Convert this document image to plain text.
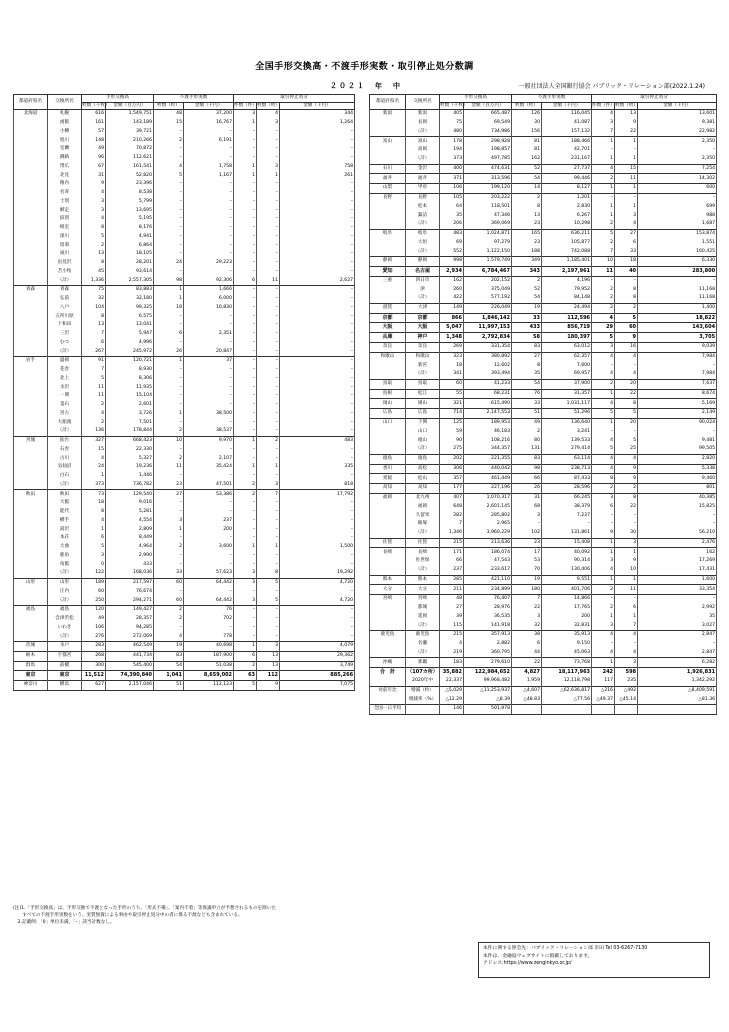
全国手形交換高・不渡手形実数・取引停止処分数調
２０２１　年　中	一般社団法人全国銀行協会 パブリック・リレーション部(2022.1.24)
都道府県名	交換所名	手形交換高		不渡手形実数		取引停止処分		
		枚数（千枚）	金額（百万円）	枚数（枚）	金額（千円）	件数（件）	枚数（枚）	金額（千円）
北海道	札幌	616	1,549,751	48	37,200	3	4	344
	函館	161	143,189	15	16,767	1	3	1,264
	小樽	57	39,721	–	–	–	–	–
	旭川	148	210,266	2	6,191	–	–	–
	室蘭	49	70,872	–	–	–	–	–
	釧路	96	112,621	–	–	–	–	–
	帯広	67	161,541	4	1,758	1	3	758
	北見	31	52,820	5	1,167	1	1	261
	稚内	9	23,396	–	–	–	–	–
	名寄	4	8,538	–	–	–	–	–
	士別	3	5,799	–	–	–	–	–
	網走	3	13,695	–	–	–	–	–
	紋別	4	5,195	–	–	–	–	–
	根室	8	8,176	–	–	–	–	–
	深川	5	4,941	–	–	–	–	–
	留萌	2	6,864	–	–	–	–	–
	滝川	13	18,105	–	–	–	–	–
	岩見沢	8	28,201	24	29,223	–	–	–
	苫小牧	45	93,614	–	–	–	–	–
	（計）	1,336	2,557,305	98	92,306	6	11	2,627
青森	青森	75	83,883	1	1,666	–	–	–
	弘前	32	32,180	1	6,000	–	–	–
	八戸	104	99,325	18	10,830	–	–	–
	五所川原	8	6,575	–	–	–	–	–
	十和田	13	13,041	–	–	–	–	–
	三沢	7	5,947	6	2,351	–	–	–
	むつ	6	4,996	–	–	–	–	–
	（計）	267	245,972	26	20,847	–	–	–
岩手	盛岡	91	120,721	1	37	–	–	–
	花巻	7	8,930	–	–	–	–	–
	北上	5	8,306	–	–	–	–	–
	水沢	11	11,935	–	–	–	–	–
	一関	11	15,104	–	–	–	–	–
	釜石	2	2,601	–	–	–	–	–
	宮古	4	3,726	1	38,500	–	–	–
	大船渡	2	7,501	–	–	–	–	–
	（計）	136	178,844	2	38,537	–	–	–
宮城	仙台	327	668,423	10	9,970	1	2	483
	石巻	15	22,330	–	–	–	–	–
	古川	4	5,327	2	2,107	–	–	–
	気仙沼	24	19,236	11	35,424	1	1	335
	白石	1	1,446	–	–	–	–	–
	（計）	373	736,782	23	47,501	2	3	818
秋田	秋田	73	129,540	27	53,386	2	7	17,792
	大館	18	9,016	–	–	–	–	–
	能代	8	5,281	–	–	–	–	–
	横手	4	4,554	3	237	–	–	–
	湯沢	1	2,809	1	200	–	–	–
	本荘	6	8,449	–	–	–	–	–
	大曲	5	4,964	2	3,600	1	1	1,500
	鹿角	3	2,990	–	–	–	–	–
	角館	0	433	–	–	–	–	–
	（計）	122	168,036	33	57,623	3	8	19,292
山形	山形	189	217,597	60	64,442	3	5	4,720
	庄内	60	76,674	–	–	–	–	–
	（計）	250	294,271	60	64,442	3	5	4,720
福島	福島	120	149,427	2	76	–	–	–
	会津若松	49	28,357	2	702	–	–	–
	いわき	106	94,285	–	–	–	–	–
	（計）	276	272,069	4	778	–	–	–
茨城	水戸	283	462,549	19	40,698	1	3	4,079
栃木	宇都宮	268	441,734	83	187,900	6	13	29,362
群馬	前橋	300	545,400	54	51,038	2	13	3,749
東京	東京	11,512	74,390,840	1,041	8,659,002	63	112	885,266
神奈川	横浜	627	2,157,046	51	112,123	5	9	7,075
都道府県名	交換所名	手形交換高		不渡手形実数		取引停止処分		
		枚数（千枚）	金額（百万円）	枚数（枚）	金額（千円）	件数（件）	枚数（枚）	金額（千円）
新潟	新潟	405	665,487	126	116,045	4	13	13,601
	長岡	75	69,549	30	41,087	3	9	9,381
	（計）	480	734,986	156	157,132	7	22	22,982
富山	富山	178	298,928	81	188,466	1	1	2,350
	高岡	194	198,857	81	42,701	–	–	–
	（計）	373	497,785	162	231,167	1	1	2,350
石川	金沢	400	474,631	52	27,737	4	15	7,254
福井	福井	371	313,596	54	99,446	2	11	14,302
山梨	甲府	106	199,120	14	8,127	1	1	600
長野	長野	105	203,222	2	1,201	–	–	–
	松本	64	118,501	8	2,830	1	1	699
	諏訪	35	47,346	13	6,267	1	3	988
	（計）	206	369,069	23	10,298	2	4	1,687
岐阜	岐阜	483	1,024,871	165	636,211	5	27	153,874
	大垣	69	97,279	23	105,877	2	6	1,551
	（計）	552	1,122,150	188	742,088	7	33	160,425
静岡	静岡	998	1,579,749	349	1,185,401	10	18	6,330
愛知	名古屋	2,934	6,784,467	343	2,197,961	11	40	283,800
三重	四日市	162	202,152	2	4,196	–	–	–
	津	260	375,049	52	79,952	2	8	11,168
	（計）	422	577,192	54	84,148	2	8	11,168
滋賀	大津	149	226,049	19	24,494	2	2	1,400
京都	京都	866	1,846,142	33	112,596	4	5	18,822
大阪	大阪	5,047	11,997,153	433	856,719	29	60	143,604
兵庫	神戸	1,348	2,792,834	58	180,397	5	9	3,705
奈良	奈良	269	331,354	83	63,012	3	16	9,039
和歌山	和歌山	323	380,892	27	62,357	4	4	7,984
	新宮	18	12,602	8	7,600	–	–	–
	（計）	341	393,494	35	69,957	4	4	7,984
鳥取	鳥取	60	41,233	54	37,900	2	20	7,637
島根	松江	55	68,231	76	31,357	1	22	8,674
岡山	岡山	321	615,490	33	1,031,117	4	8	5,169
広島	広島	714	2,147,553	51	51,296	5	5	2,149
山口	下関	125	189,953	49	136,640	1	20	90,024
	山口	59	46,183	2	3,241	–	–	–
	徳山	90	108,216	80	139,533	4	5	9,481
	（計）	275	344,357	131	279,414	5	25	99,505
徳島	徳島	202	221,355	83	63,114	4	4	2,820
香川	高松	306	440,042	98	238,713	4	9	5,338
愛媛	松山	357	461,449	66	87,433	8	9	9,460
高知	高知	177	227,196	26	28,596	2	2	801
福岡	北九州	407	1,070,317	31	66,245	3	8	40,385
	福岡	648	2,601,145	68	38,379	6	22	15,825
	久留米	282	285,802	3	7,237	–	–	–
	飯塚	7	2,965	–	–	–	–	–
	（計）	1,346	3,960,229	102	131,861	9	30	56,210
佐賀	佐賀	215	213,636	23	15,408	1	3	2,476
長崎	長崎	171	186,074	17	40,092	1	1	162
	佐世保	66	47,543	53	90,314	3	9	17,269
	（計）	237	233,617	70	130,406	4	10	17,431
熊本	熊本	285	421,110	19	9,551	1	1	1,600
大分	大分	211	234,899	180	401,706	2	11	33,354
宮崎	宮崎	48	76,407	7	14,866	–	–	–
	都城	27	28,976	22	17,765	2	6	2,992
	延岡	39	36,535	3	200	1	1	35
	（計）	115	141,918	32	32,831	3	7	3,027
鹿児島	鹿児島	215	357,913	38	35,913	4	4	2,847
	名瀬	4	2,882	6	9,150	–	–	–
	（計）	219	360,795	44	45,063	4	4	2,847
沖縄	那覇	183	279,610	22	73,768	1	3	6,282
合　計	（107カ所）	35,882	122,984,652	4,827	18,117,963	242	598	1,926,831
	2020年中	22,337	99,968,482	1,959	12,118,798	117	235	1,342,292
対前年比	増減（枚）	△5,029	△11,253,937	△4,607	△62,636,817	△216	△492	△8,409,591
	増減率（%）	△12.29	△8.39	△48.83	△77.56	△49.37	△45.14	△81.36
全国一日平均		146	501,978					
(注)1.「手形交換高」は、手形交換で不渡となった手形のうち、「形式不備」、「案内不着」等異議申立が予想されるものを除いた
　　すべての不渡手形実数をいう。実質無資による事由や取引停止処分中の者に係る不渡なども含まれている。
　2.記載例：「0」単位未満、「–」該当計数なし。
本件に関する照会先：パブリック・リレーション部 市田 Tel 03-6267-7130
本件は、金融協ウェブサイトに掲載しております。
アドレス:https://www.zenginkyo.or.jp/
